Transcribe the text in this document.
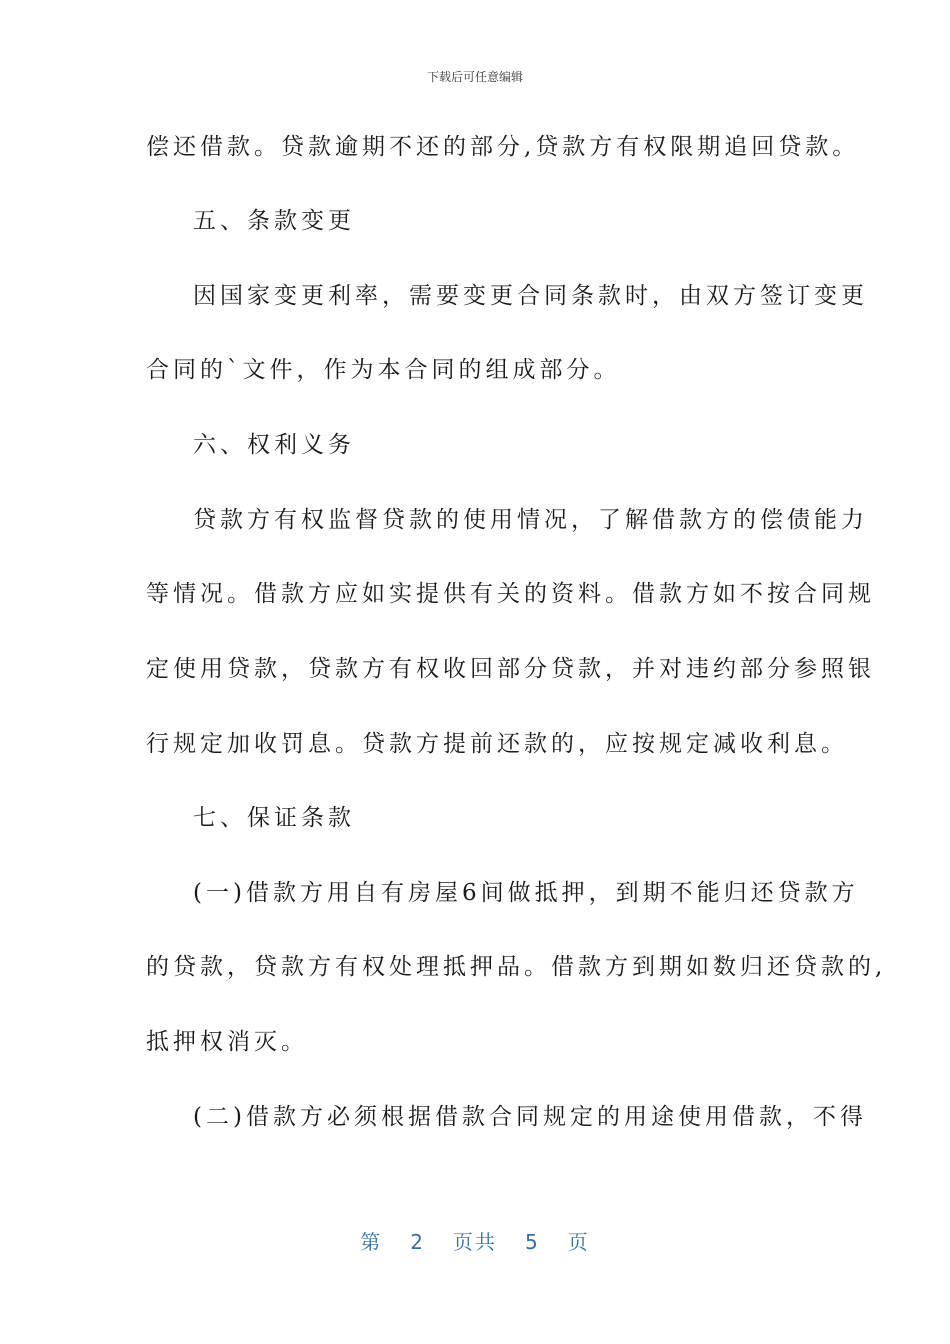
下载后可任意编辑
偿还借款。贷款逾期不还的部分,贷款方有权限期追回贷款。
五、条款变更
因国家变更利率，需要变更合同条款时，由双方签订变更
合同的`文件，作为本合同的组成部分。
六、权利义务
贷款方有权监督贷款的使用情况，了解借款方的偿债能力
等情况。借款方应如实提供有关的资料。借款方如不按合同规
定使用贷款，贷款方有权收回部分贷款，并对违约部分参照银
行规定加收罚息。贷款方提前还款的，应按规定减收利息。
七、保证条款
(一)借款方用自有房屋6间做抵押，到期不能归还贷款方
的贷款，贷款方有权处理抵押品。借款方到期如数归还贷款的,
抵押权消灭。
(二)借款方必须根据借款合同规定的用途使用借款，不得
第 2 页共 5 页
